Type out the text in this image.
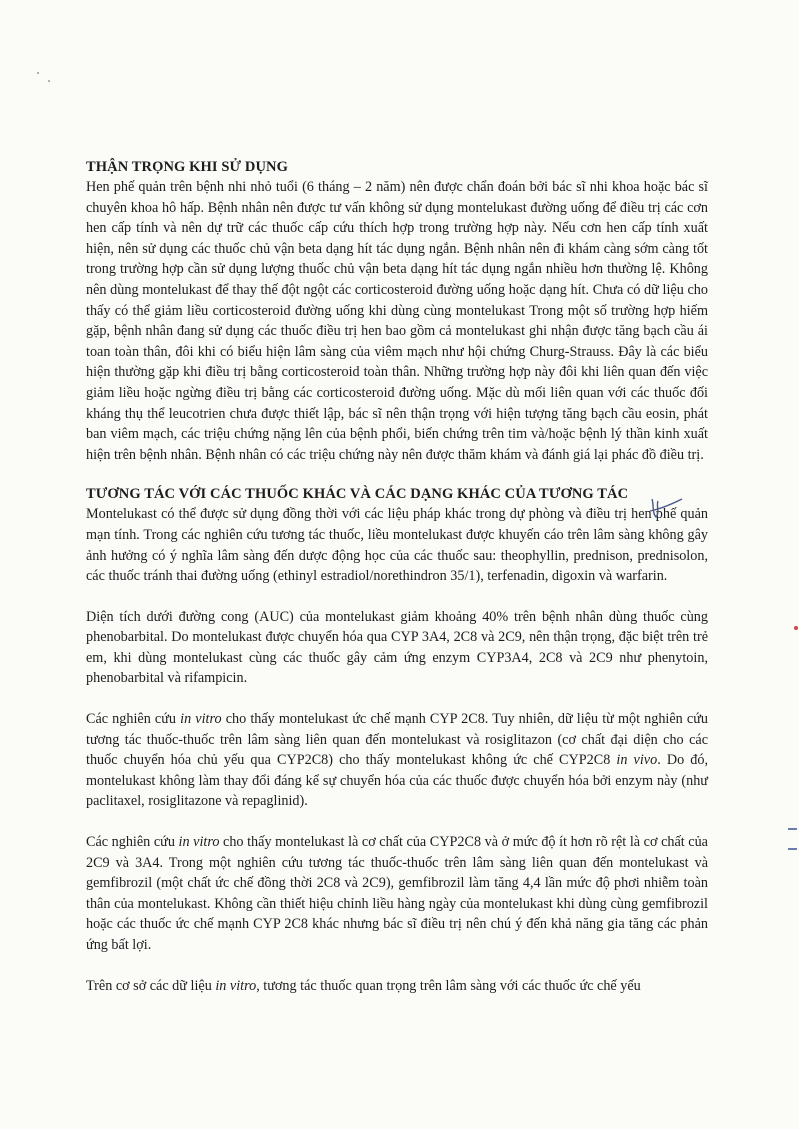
THẬN TRỌNG KHI SỬ DỤNG

Hen phế quản trên bệnh nhi nhỏ tuổi (6 tháng – 2 năm) nên được chẩn đoán bởi bác sĩ nhi khoa hoặc bác sĩ chuyên khoa hô hấp. Bệnh nhân nên được tư vấn không sử dụng montelukast đường uống để điều trị các cơn hen cấp tính và nên dự trữ các thuốc cấp cứu thích hợp trong trường hợp này. Nếu cơn hen cấp tính xuất hiện, nên sử dụng các thuốc chủ vận beta dạng hít tác dụng ngắn. Bệnh nhân nên đi khám càng sớm càng tốt trong trường hợp cần sử dụng lượng thuốc chủ vận beta dạng hít tác dụng ngắn nhiều hơn thường lệ. Không nên dùng montelukast để thay thế đột ngột các corticosteroid đường uống hoặc dạng hít. Chưa có dữ liệu cho thấy có thể giảm liều corticosteroid đường uống khi dùng cùng montelukast Trong một số trường hợp hiếm gặp, bệnh nhân đang sử dụng các thuốc điều trị hen bao gồm cả montelukast ghi nhận được tăng bạch cầu ái toan toàn thân, đôi khi có biểu hiện lâm sàng của viêm mạch như hội chứng Churg-Strauss. Đây là các biểu hiện thường gặp khi điều trị bằng corticosteroid toàn thân. Những trường hợp này đôi khi liên quan đến việc giảm liều hoặc ngừng điều trị bằng các corticosteroid đường uống. Mặc dù mối liên quan với các thuốc đối kháng thụ thể leucotrien chưa được thiết lập, bác sĩ nên thận trọng với hiện tượng tăng bạch cầu eosin, phát ban viêm mạch, các triệu chứng nặng lên của bệnh phổi, biến chứng trên tim và/hoặc bệnh lý thần kinh xuất hiện trên bệnh nhân. Bệnh nhân có các triệu chứng này nên được thăm khám và đánh giá lại phác đồ điều trị.

TƯƠNG TÁC VỚI CÁC THUỐC KHÁC VÀ CÁC DẠNG KHÁC CỦA TƯƠNG TÁC

Montelukast có thể được sử dụng đồng thời với các liệu pháp khác trong dự phòng và điều trị hen phế quản mạn tính. Trong các nghiên cứu tương tác thuốc, liều montelukast được khuyến cáo trên lâm sàng không gây ảnh hưởng có ý nghĩa lâm sàng đến dược động học của các thuốc sau: theophyllin, prednison, prednisolon, các thuốc tránh thai đường uống (ethinyl estradiol/norethindron 35/1), terfenadin, digoxin và warfarin.

Diện tích dưới đường cong (AUC) của montelukast giảm khoảng 40% trên bệnh nhân dùng thuốc cùng phenobarbital. Do montelukast được chuyển hóa qua CYP 3A4, 2C8 và 2C9, nên thận trọng, đặc biệt trên trẻ em, khi dùng montelukast cùng các thuốc gây cảm ứng enzym CYP3A4, 2C8 và 2C9 như phenytoin, phenobarbital và rifampicin.

Các nghiên cứu in vitro cho thấy montelukast ức chế mạnh CYP 2C8. Tuy nhiên, dữ liệu từ một nghiên cứu tương tác thuốc-thuốc trên lâm sàng liên quan đến montelukast và rosiglitazon (cơ chất đại diện cho các thuốc chuyển hóa chủ yếu qua CYP2C8) cho thấy montelukast không ức chế CYP2C8 in vivo. Do đó, montelukast không làm thay đổi đáng kể sự chuyển hóa của các thuốc được chuyển hóa bởi enzym này (như paclitaxel, rosiglitazone và repaglinid).

Các nghiên cứu in vitro cho thấy montelukast là cơ chất của CYP2C8 và ở mức độ ít hơn rõ rệt là cơ chất của 2C9 và 3A4. Trong một nghiên cứu tương tác thuốc-thuốc trên lâm sàng liên quan đến montelukast và gemfibrozil (một chất ức chế đồng thời 2C8 và 2C9), gemfibrozil làm tăng 4,4 lần mức độ phơi nhiễm toàn thân của montelukast. Không cần thiết hiệu chỉnh liều hàng ngày của montelukast khi dùng cùng gemfibrozil hoặc các thuốc ức chế mạnh CYP 2C8 khác nhưng bác sĩ điều trị nên chú ý đến khả năng gia tăng các phản ứng bất lợi.

Trên cơ sở các dữ liệu in vitro, tương tác thuốc quan trọng trên lâm sàng với các thuốc ức chế yếu
